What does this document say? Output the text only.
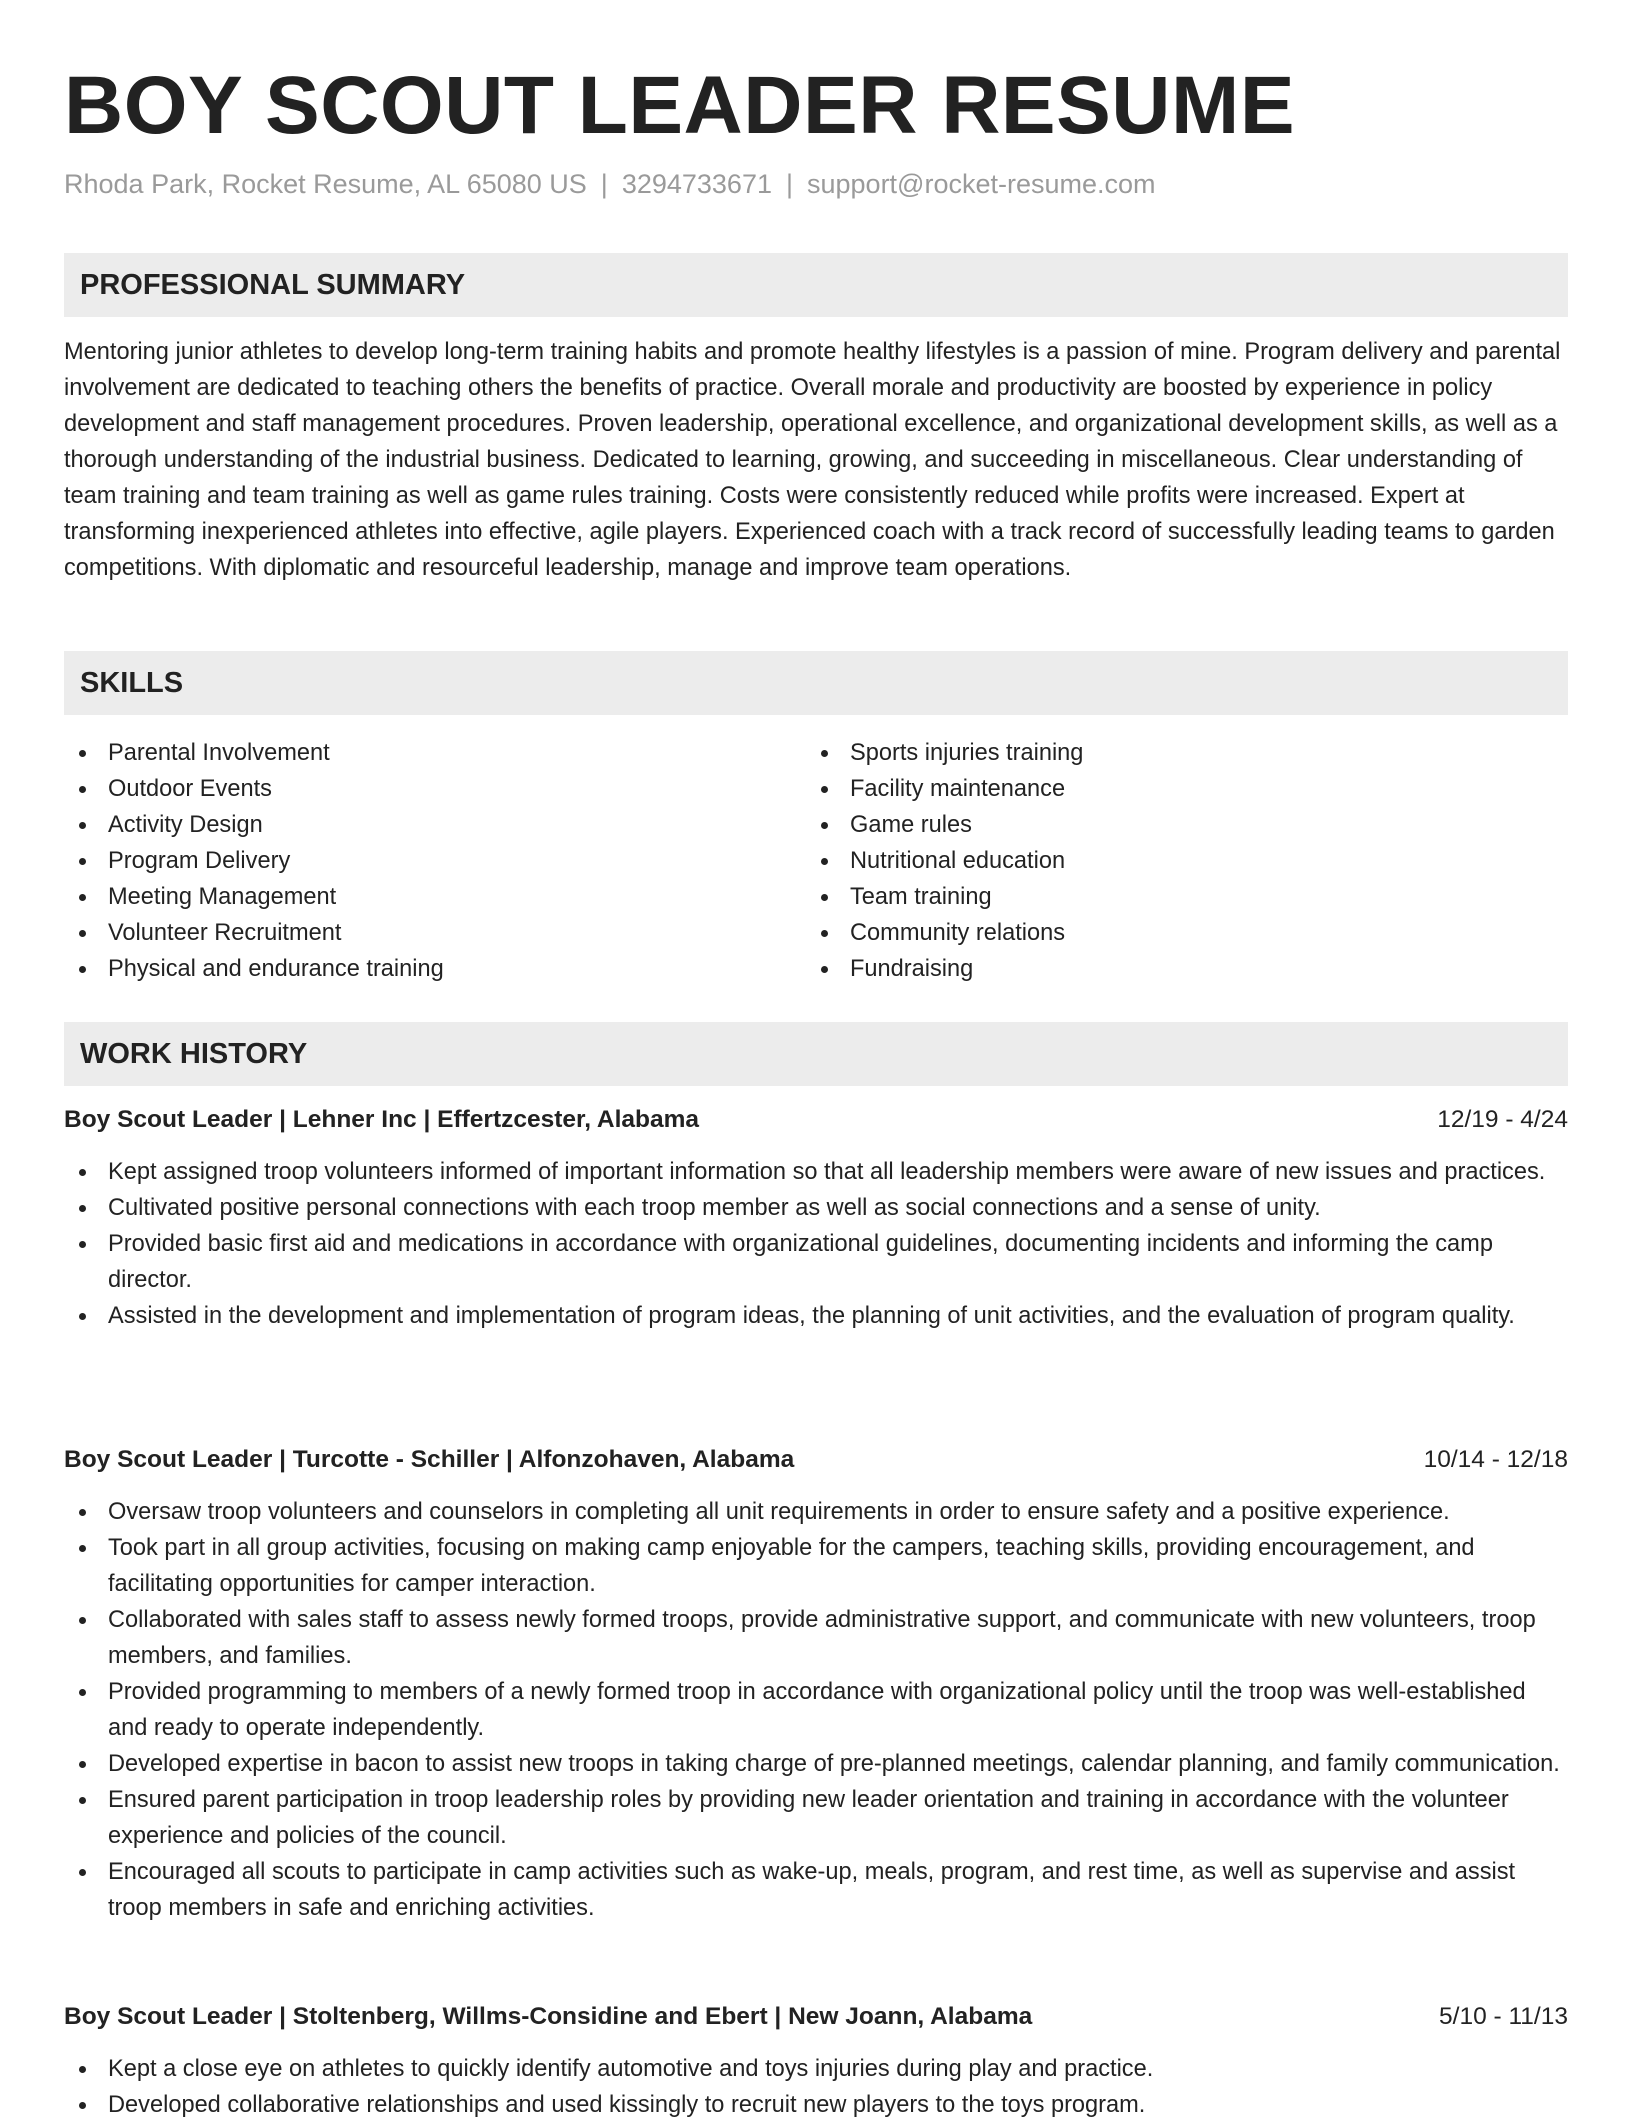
BOY SCOUT LEADER RESUME
Rhoda Park, Rocket Resume, AL 65080 US | 3294733671 | support@rocket-resume.com
PROFESSIONAL SUMMARY

Mentoring junior athletes to develop long-term training habits and promote healthy lifestyles is a passion of mine. Program delivery and parental involvement are dedicated to teaching others the benefits of practice. Overall morale and productivity are boosted by experience in policy development and staff management procedures. Proven leadership, operational excellence, and organizational development skills, as well as a thorough understanding of the industrial business. Dedicated to learning, growing, and succeeding in miscellaneous. Clear understanding of team training and team training as well as game rules training. Costs were consistently reduced while profits were increased. Expert at transforming inexperienced athletes into effective, agile players. Experienced coach with a track record of successfully leading teams to garden competitions. With diplomatic and resourceful leadership, manage and improve team operations.

SKILLS
Parental Involvement
Outdoor Events
Activity Design
Program Delivery
Meeting Management
Volunteer Recruitment
Physical and endurance training
Sports injuries training
Facility maintenance
Game rules
Nutritional education
Team training
Community relations
Fundraising
WORK HISTORY
Boy Scout Leader | Lehner Inc | Effertzcester, Alabama	12/19 - 4/24
Kept assigned troop volunteers informed of important information so that all leadership members were aware of new issues and practices.
Cultivated positive personal connections with each troop member as well as social connections and a sense of unity.
Provided basic first aid and medications in accordance with organizational guidelines, documenting incidents and informing the camp director.
Assisted in the development and implementation of program ideas, the planning of unit activities, and the evaluation of program quality.
Boy Scout Leader | Turcotte - Schiller | Alfonzohaven, Alabama	10/14 - 12/18
Oversaw troop volunteers and counselors in completing all unit requirements in order to ensure safety and a positive experience.
Took part in all group activities, focusing on making camp enjoyable for the campers, teaching skills, providing encouragement, and facilitating opportunities for camper interaction.
Collaborated with sales staff to assess newly formed troops, provide administrative support, and communicate with new volunteers, troop members, and families.
Provided programming to members of a newly formed troop in accordance with organizational policy until the troop was well-established and ready to operate independently.
Developed expertise in bacon to assist new troops in taking charge of pre-planned meetings, calendar planning, and family communication.
Ensured parent participation in troop leadership roles by providing new leader orientation and training in accordance with the volunteer experience and policies of the council.
Encouraged all scouts to participate in camp activities such as wake-up, meals, program, and rest time, as well as supervise and assist troop members in safe and enriching activities.
Boy Scout Leader | Stoltenberg, Willms-Considine and Ebert | New Joann, Alabama	5/10 - 11/13
Kept a close eye on athletes to quickly identify automotive and toys injuries during play and practice.
Developed collaborative relationships and used kissingly to recruit new players to the toys program.
